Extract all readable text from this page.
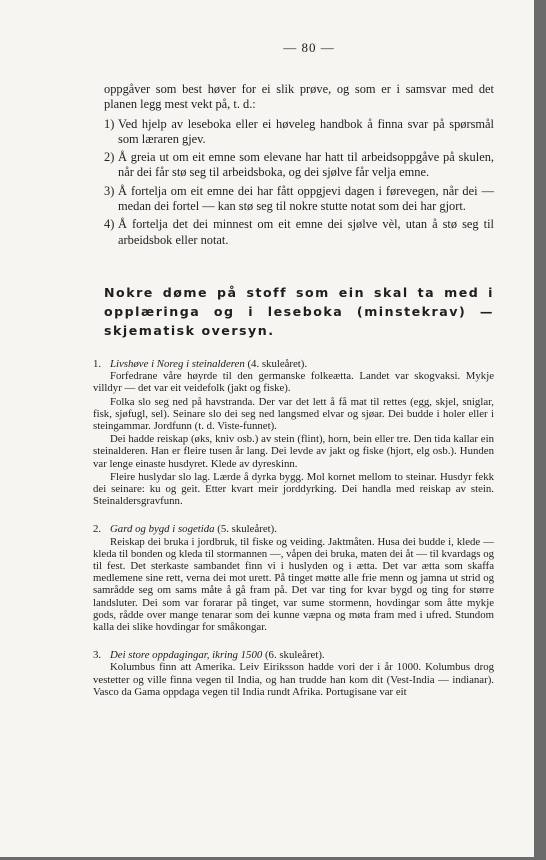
— 80 —

oppgåver som best høver for ei slik prøve, og som er i samsvar med det planen legg mest vekt på, t. d.:

1) Ved hjelp av leseboka eller ei høveleg handbok å finna svar på spørsmål som læraren gjev.
2) Å greia ut om eit emne som elevane har hatt til arbeidsoppgåve på skulen, når dei får stø seg til arbeidsboka, og dei sjølve får velja emne.
3) Å fortelja om eit emne dei har fått oppgjevi dagen i førevegen, når dei — medan dei fortel — kan stø seg til nokre stutte notat som dei har gjort.
4) Å fortelja det dei minnest om eit emne dei sjølve vèl, utan å stø seg til arbeidsbok eller notat.
Nokre døme på stoff som ein skal ta med i opplæringa og i leseboka (minstekrav) — skjematisk oversyn.

1. Livshøve i Noreg i steinalderen (4. skuleåret).

Forfedrane våre høyrde til den germanske folkeætta. Landet var skogvaksi. Mykje villdyr — det var eit veidefolk (jakt og fiske).

Folka slo seg ned på havstranda. Der var det lett å få mat til rettes (egg, skjel, sniglar, fisk, sjøfugl, sel). Seinare slo dei seg ned langsmed elvar og sjøar. Dei budde i holer eller i steingammar. Jordfunn (t. d. Viste-funnet).

Dei hadde reiskap (øks, kniv osb.) av stein (flint), horn, bein eller tre. Den tida kallar ein steinalderen. Han er fleire tusen år lang. Dei levde av jakt og fiske (hjort, elg osb.). Hunden var lenge einaste husdyret. Klede av dyreskinn.

Fleire huslydar slo lag. Lærde å dyrka bygg. Mol kornet mellom to steinar. Husdyr fekk dei seinare: ku og geit. Etter kvart meir jorddyrking. Dei handla med reiskap av stein. Steinaldersgravfunn.

2. Gard og bygd i sogetida (5. skuleåret).

Reiskap dei bruka i jordbruk, til fiske og veiding. Jaktmåten. Husa dei budde i, klede — kleda til bonden og kleda til stormannen —, våpen dei bruka, maten dei åt — til kvardags og til fest. Det sterkaste sambandet finn vi i huslyden og i ætta. Det var ætta som skaffa medlemene sine rett, verna dei mot urett. På tinget møtte alle frie menn og jamna ut strid og samrådde seg om sams måte å gå fram på. Det var ting for kvar bygd og ting for større landsluter. Dei som var forarar på tinget, var sume stormenn, hovdingar som åtte mykje gods, rådde over mange tenarar som dei kunne væpna og møta fram med i ufred. Stundom kalla dei slike hovdingar for småkongar.

3. Dei store oppdagingar, ikring 1500 (6. skuleåret).

Kolumbus finn att Amerika. Leiv Eiriksson hadde vori der i år 1000. Kolumbus drog vestetter og ville finna vegen til India, og han trudde han kom dit (Vest-India — indianar). Vasco da Gama oppdaga vegen til India rundt Afrika. Portugisane var eit
